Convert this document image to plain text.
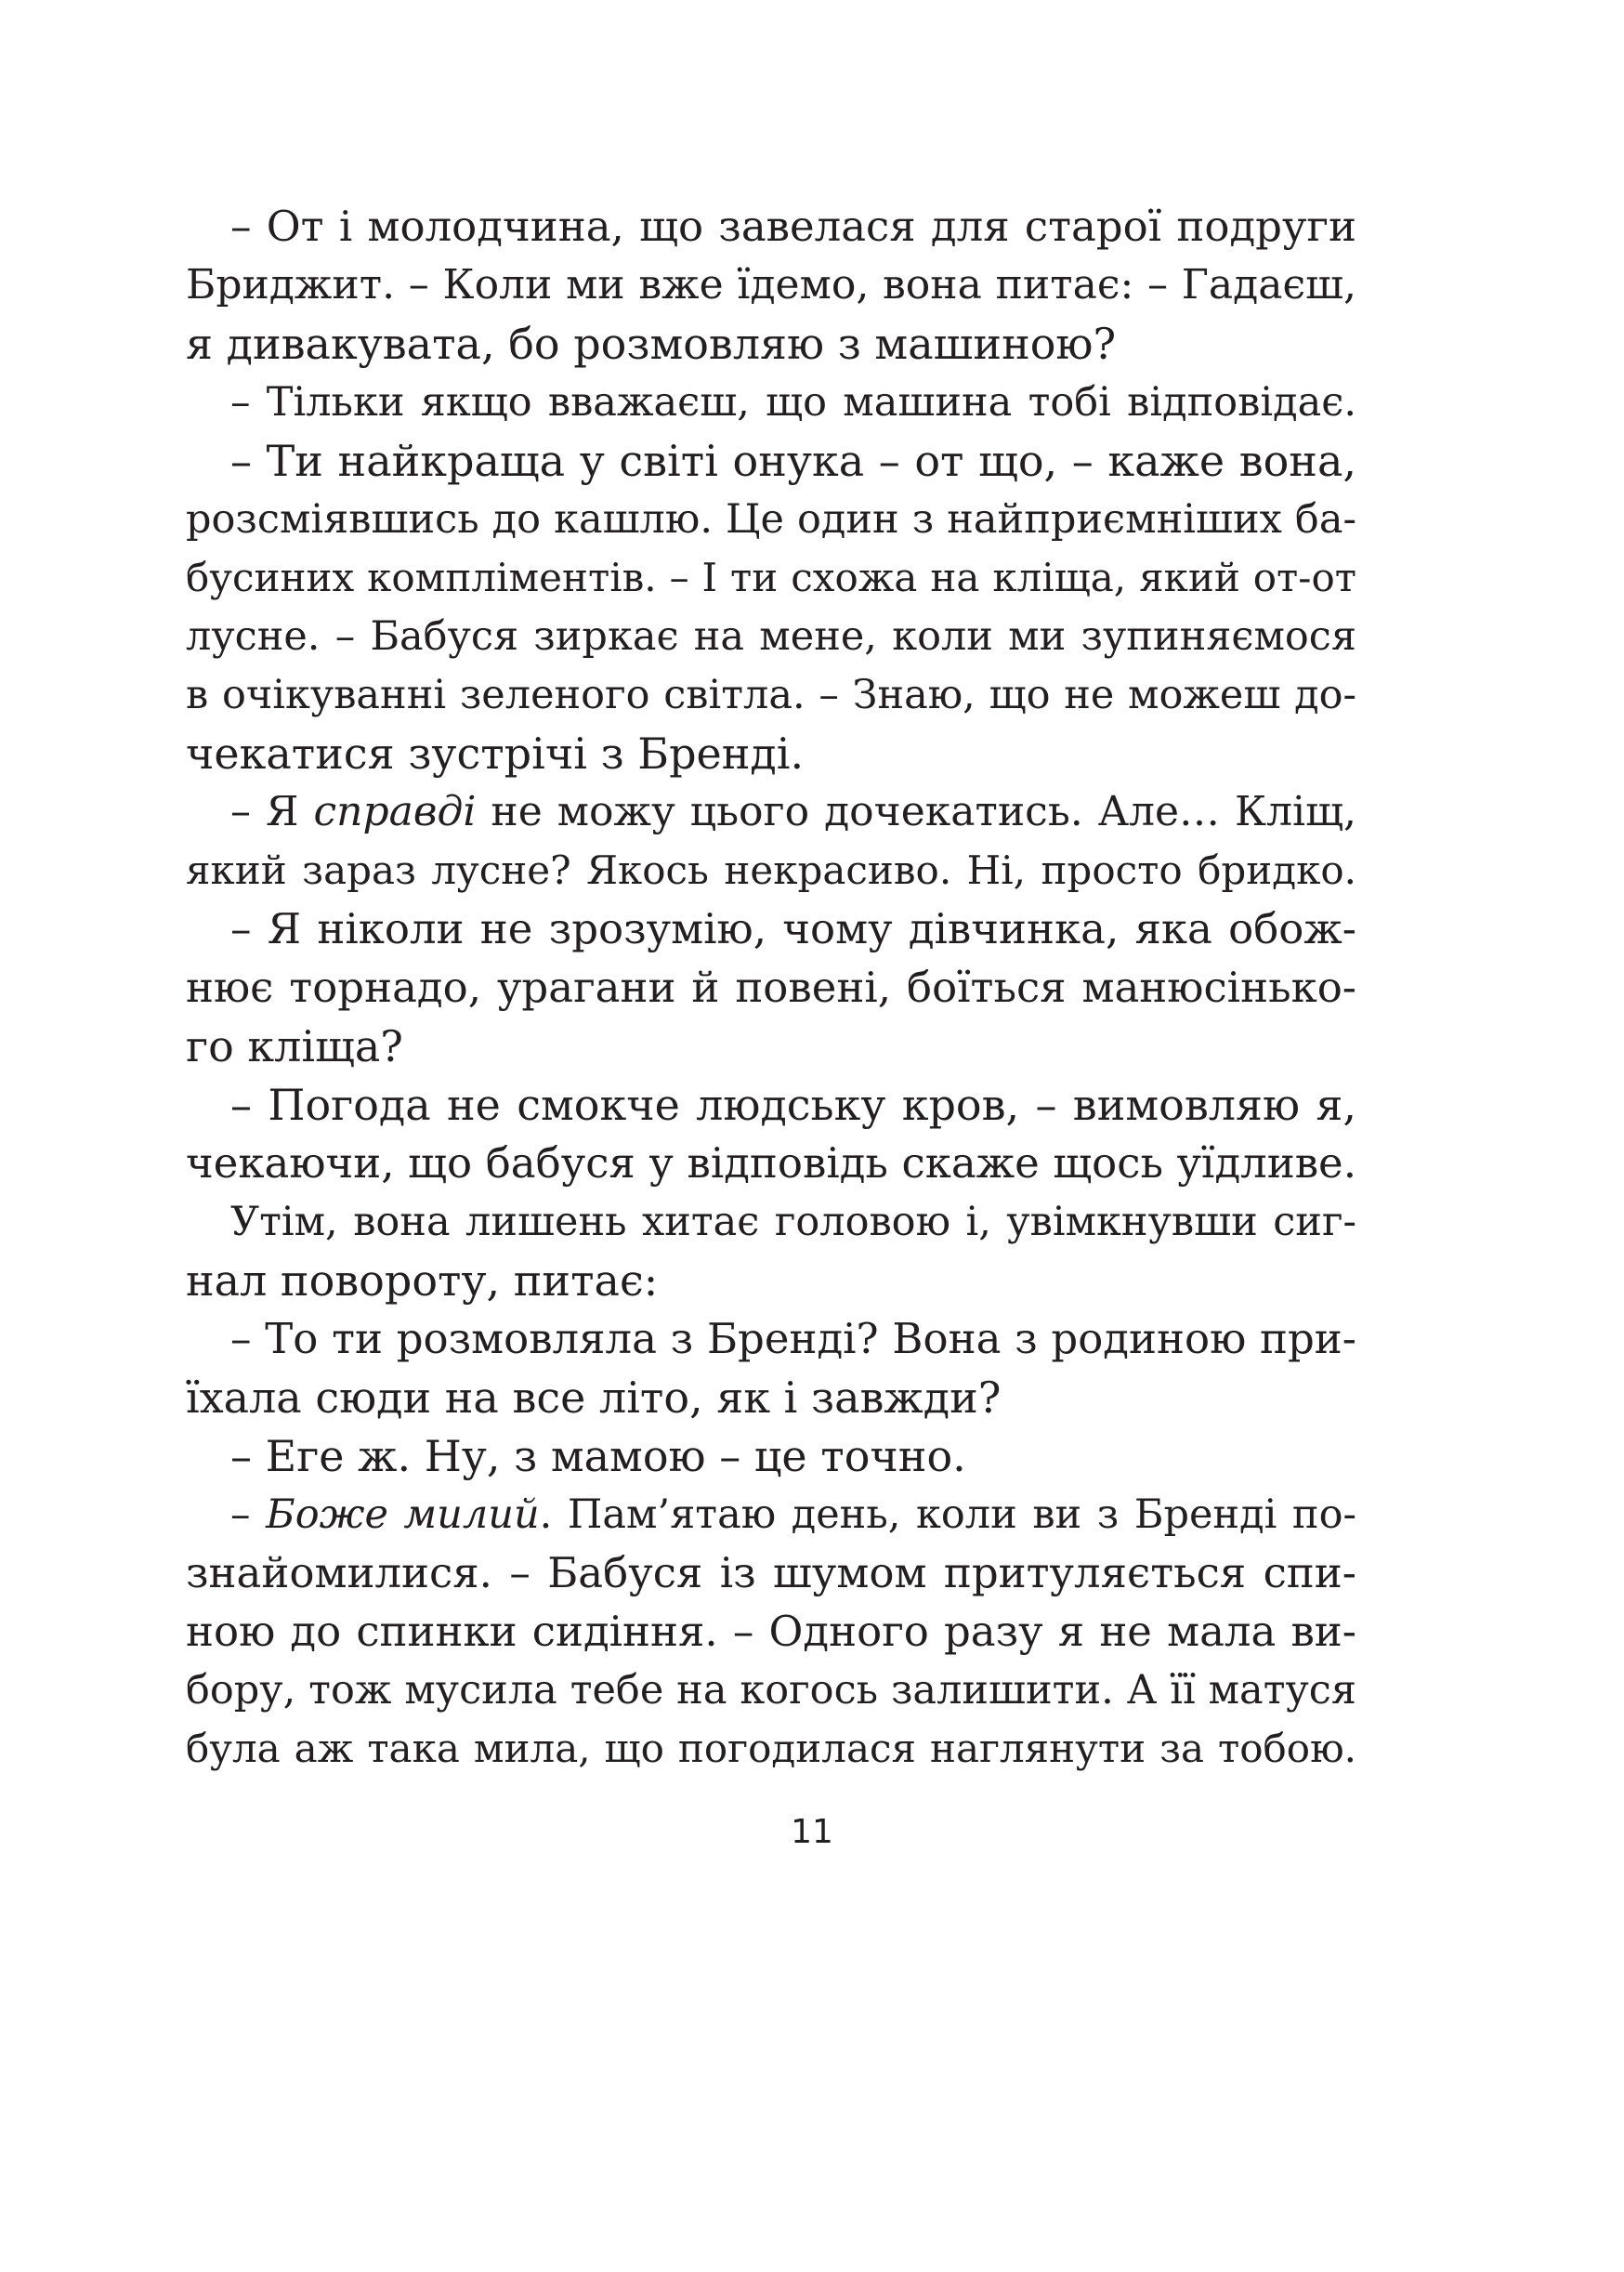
– От і молодчина, що завелася для старої подруги
Бриджит. – Коли ми вже їдемо, вона питає: – Гадаєш,
я дивакувата, бо розмовляю з машиною?
– Тільки якщо вважаєш, що машина тобі відповідає.
– Ти найкраща у світі онука – от що, – каже вона,
розсміявшись до кашлю. Це один з найприємніших ба-
бусиних компліментів. – І ти схожа на кліща, який от-от
лусне. – Бабуся зиркає на мене, коли ми зупиняємося
в очікуванні зеленого світла. – Знаю, що не можеш до-
чекатися зустрічі з Бренді.
– Я справді не можу цього дочекатись. Але… Кліщ,
який зараз лусне? Якось некрасиво. Ні, просто бридко.
– Я ніколи не зрозумію, чому дівчинка, яка обож-
нює торнадо, урагани й повені, боїться манюсінько-
го кліща?
– Погода не смокче людську кров, – вимовляю я,
чекаючи, що бабуся у відповідь скаже щось уїдливе.
Утім, вона лишень хитає головою і, увімкнувши сиг-
нал повороту, питає:
– То ти розмовляла з Бренді? Вона з родиною при-
їхала сюди на все літо, як і завжди?
– Еге ж. Ну, з мамою – це точно.
– Боже милий. Пам’ятаю день, коли ви з Бренді по-
знайомилися. – Бабуся із шумом притуляється спи-
ною до спинки сидіння. – Одного разу я не мала ви-
бору, тож мусила тебе на когось залишити. А її матуся
була аж така мила, що погодилася наглянути за тобою.
11
